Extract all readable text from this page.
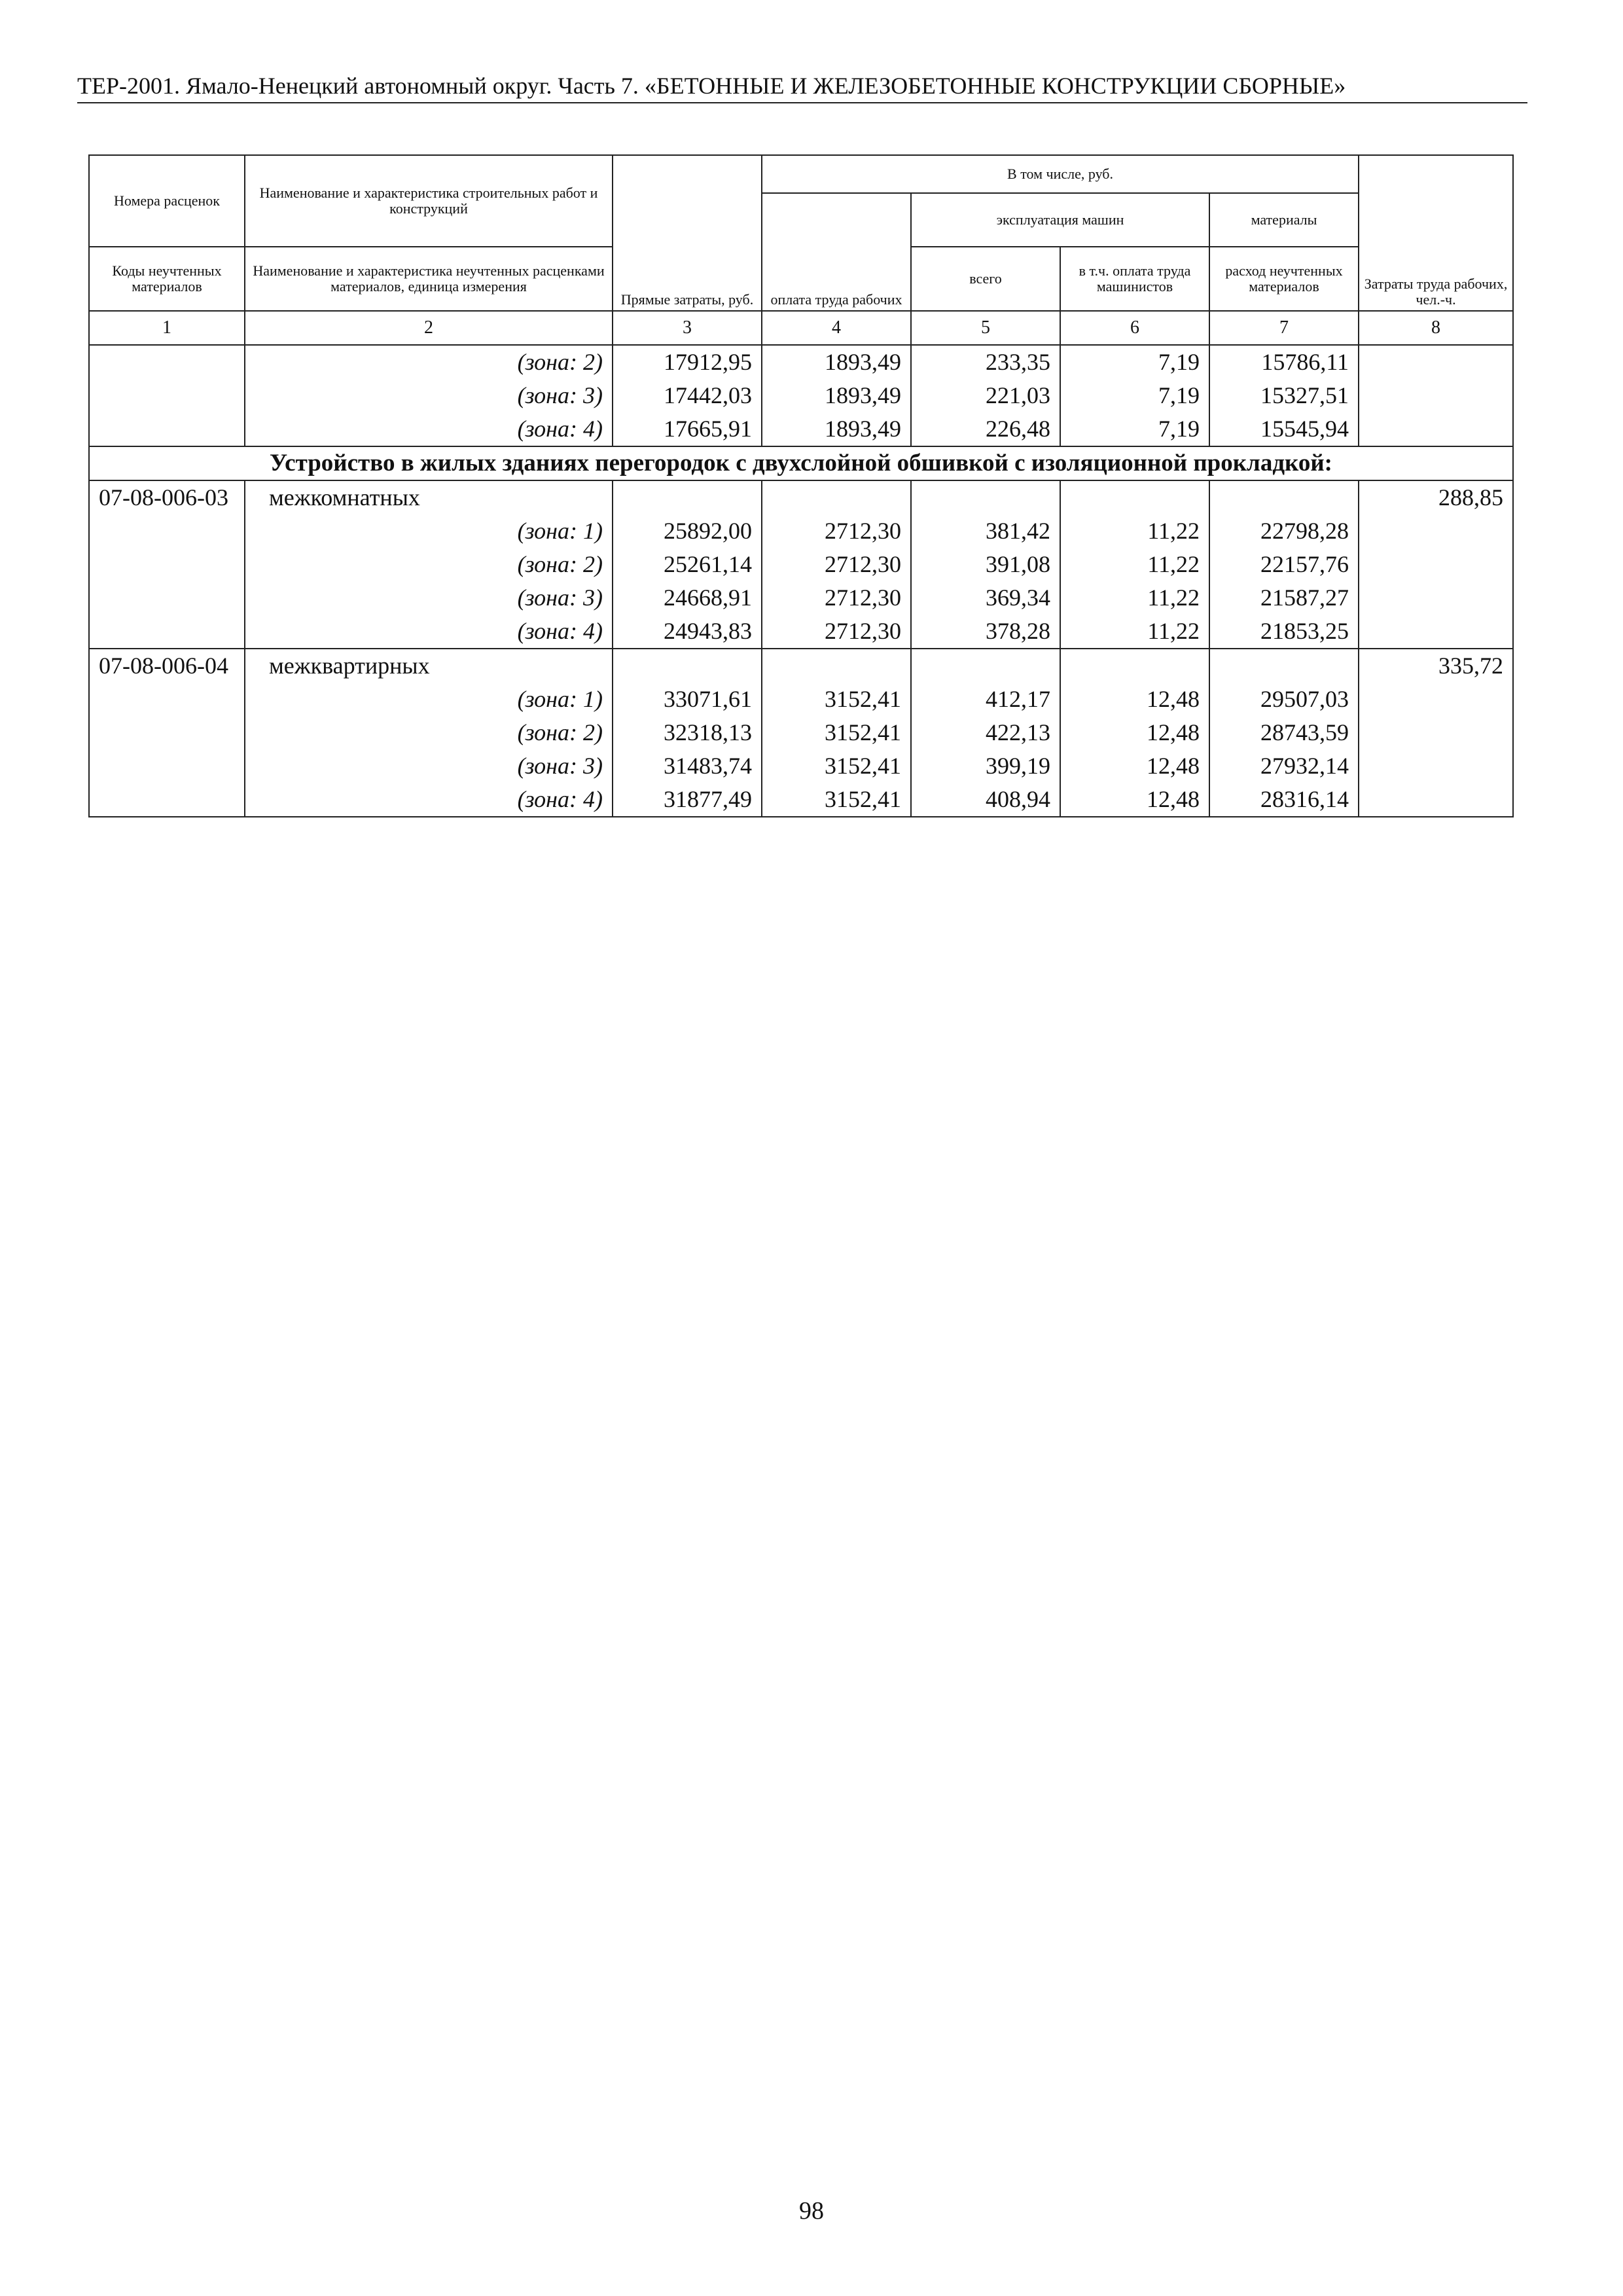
ТЕР-2001. Ямало-Ненецкий автономный округ. Часть 7. «БЕТОННЫЕ И ЖЕЛЕЗОБЕТОННЫЕ КОНСТРУКЦИИ СБОРНЫЕ»
Номера расценок	Наименование и характеристика строительных работ и конструкций	Прямые затраты, руб.	В том числе, руб.				Затраты труда рабочих, чел.-ч.
			оплата труда рабочих	эксплуатация машин		материалы	
Коды неучтенных материалов	Наименование и характеристика неучтенных расценками материалов, единица измерения			всего	в т.ч. оплата труда машинистов	расход неучтенных материалов	
1	2	3	4	5	6	7	8
	(зона: 2)	17912,95	1893,49	233,35	7,19	15786,11	
	(зона: 3)	17442,03	1893,49	221,03	7,19	15327,51	
	(зона: 4)	17665,91	1893,49	226,48	7,19	15545,94	
Устройство в жилых зданиях перегородок с двухслойной обшивкой с изоляционной прокладкой:							
07-08-006-03	межкомнатных						288,85
	(зона: 1)	25892,00	2712,30	381,42	11,22	22798,28	
	(зона: 2)	25261,14	2712,30	391,08	11,22	22157,76	
	(зона: 3)	24668,91	2712,30	369,34	11,22	21587,27	
	(зона: 4)	24943,83	2712,30	378,28	11,22	21853,25	
07-08-006-04	межквартирных						335,72
	(зона: 1)	33071,61	3152,41	412,17	12,48	29507,03	
	(зона: 2)	32318,13	3152,41	422,13	12,48	28743,59	
	(зона: 3)	31483,74	3152,41	399,19	12,48	27932,14	
	(зона: 4)	31877,49	3152,41	408,94	12,48	28316,14	
98
